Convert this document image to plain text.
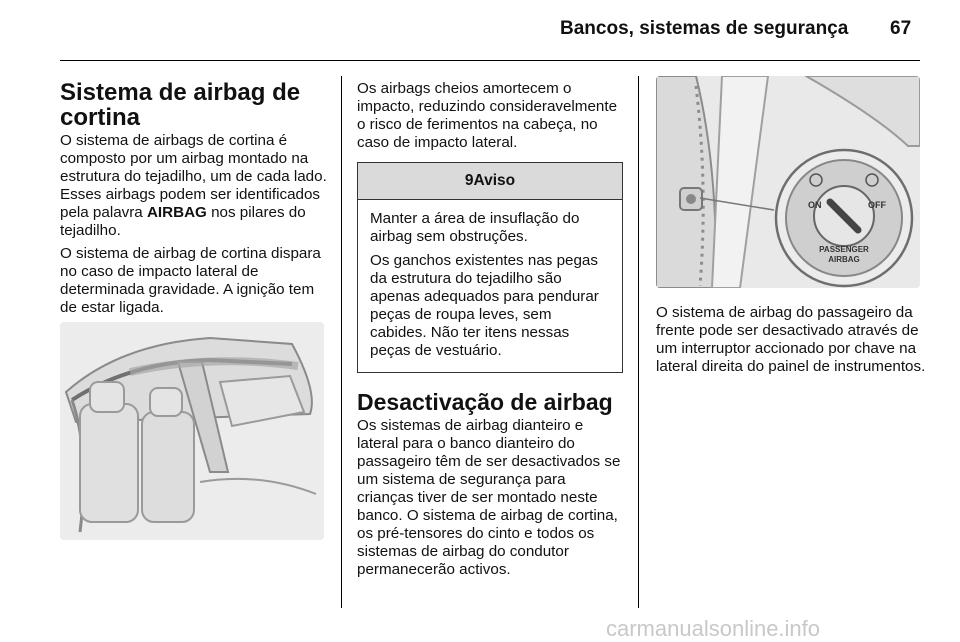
Bancos, sistemas de segurança 67
Sistema de airbag de cortina

O sistema de airbags de cortina é composto por um airbag montado na estrutura do tejadilho, um de cada lado. Esses airbags podem ser identificados pela palavra AIRBAG nos pilares do tejadilho.

O sistema de airbag de cortina dispara no caso de impacto lateral de determinada gravidade. A ignição tem de estar ligada.

Os airbags cheios amortecem o impacto, reduzindo consideravelmente o risco de ferimentos na cabeça, no caso de impacto lateral.

9Aviso

Manter a área de insuflação do airbag sem obstruções.

Os ganchos existentes nas pegas da estrutura do tejadilho são apenas adequados para pendurar peças de roupa leves, sem cabides. Não ter itens nessas peças de vestuário.

Desactivação de airbag

Os sistemas de airbag dianteiro e lateral para o banco dianteiro do passageiro têm de ser desactivados se um sistema de segurança para crianças tiver de ser montado neste banco. O sistema de airbag de cortina, os pré-tensores do cinto e todos os sistemas de airbag do condutor permanecerão activos.

ON	OFF
PASSENGER
AIRBAG

O sistema de airbag do passageiro da frente pode ser desactivado através de um interruptor accionado por chave na lateral direita do painel de instrumentos.

carmanualsonline.info
